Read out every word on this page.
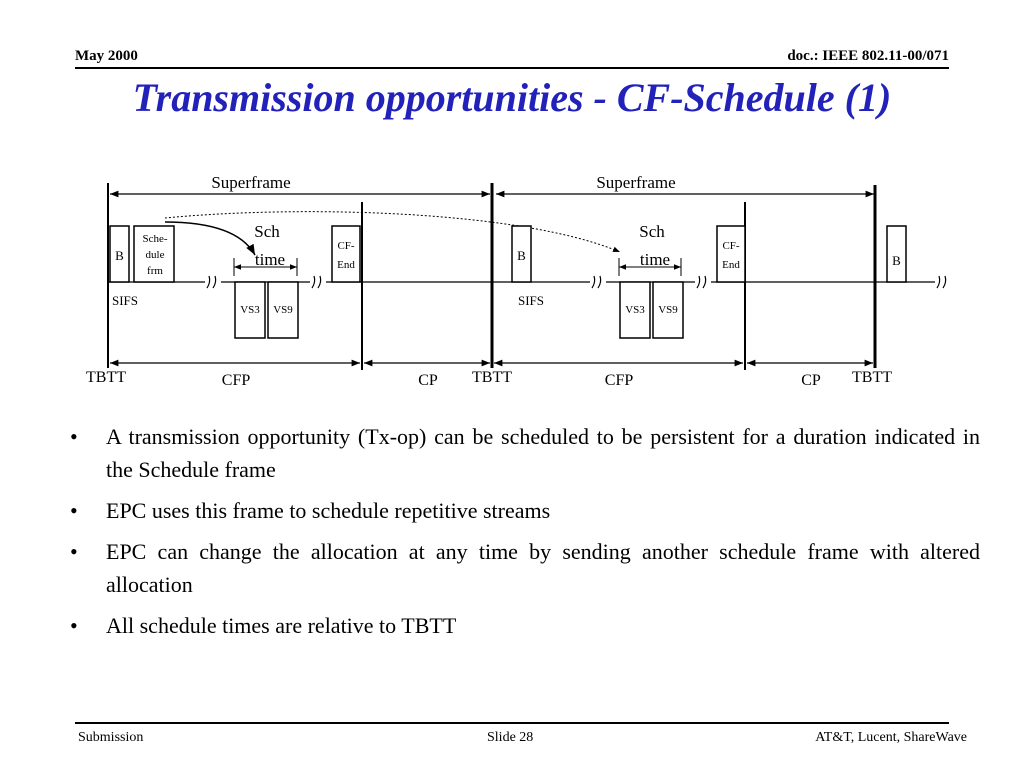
May 2000	doc.: IEEE 802.11-00/071
Transmission opportunities - CF-Schedule (1)
Superframe	Superframe
B
Sche-
dule
frm
SIFS
Sch
time
VS3 VS9
CF-
End
B
SIFS
Sch
time
VS3 VS9
CF-
End	B
TBTT	CFP	CP TBTT	CFP	CP TBTT
• A transmission opportunity (Tx-op) can be scheduled to be persistent for a duration indicated in the Schedule frame
• EPC uses this frame to schedule repetitive streams
• EPC can change the allocation at any time by sending another schedule frame with altered allocation
• All schedule times are relative to TBTT
Submission	Slide 28	AT&T, Lucent, ShareWave
